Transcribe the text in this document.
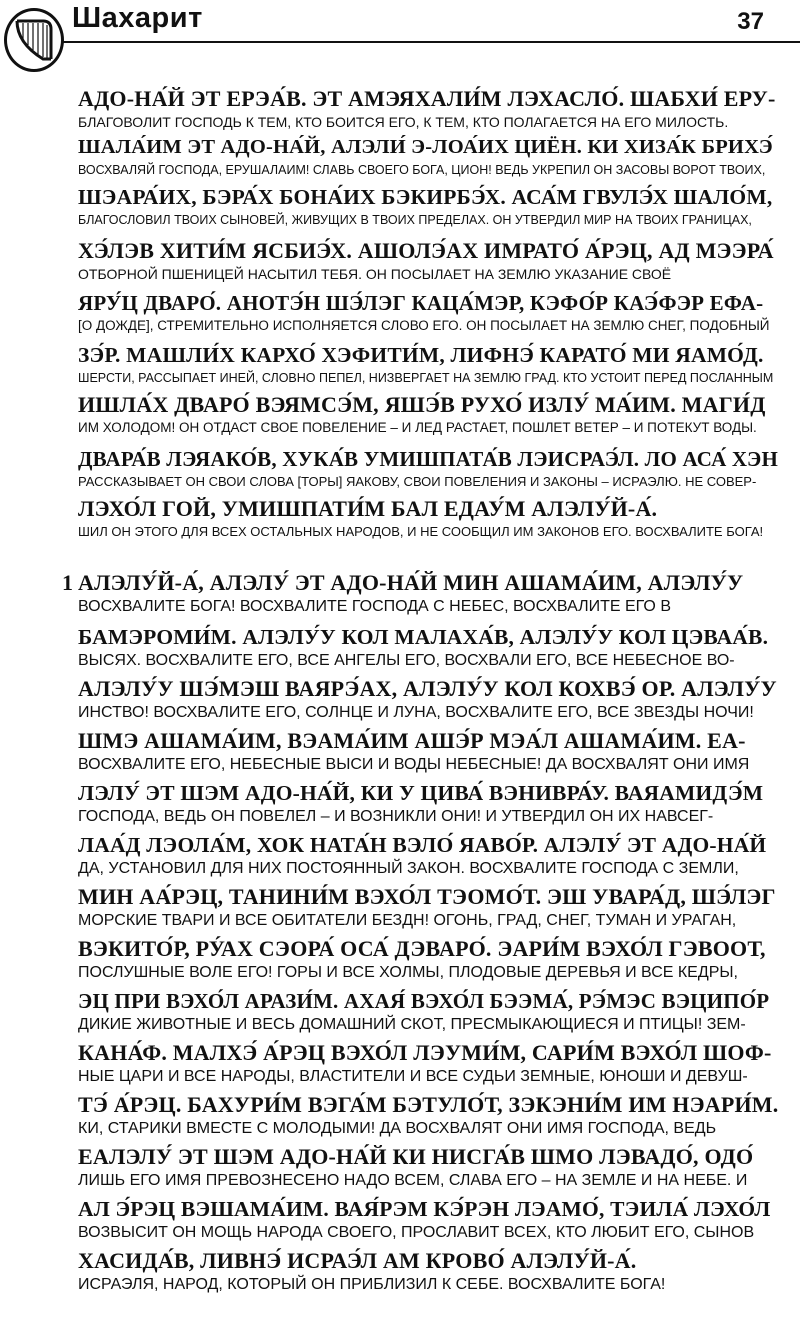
Шахарит	37
АДО-НА́Й ЭТ ЕРЭА́В. ЭТ АМЭЯХАЛИ́М ЛЭХАСЛО́. ШАБХИ́ ЕРУ-
БЛАГОВОЛИТ ГОСПОДЬ К ТЕМ, КТО БОИТСЯ ЕГО, К ТЕМ, КТО ПОЛАГАЕТСЯ НА ЕГО МИЛОСТЬ.
ШАЛА́ИМ ЭТ АДО-НА́Й, АЛЭЛИ́ Э-ЛОА́ИХ ЦИЁН. КИ ХИЗА́К БРИХЭ́
ВОСХВАЛЯЙ ГОСПОДА, ЕРУШАЛАИМ! СЛАВЬ СВОЕГО БОГА, ЦИОН! ВЕДЬ УКРЕПИЛ ОН ЗАСОВЫ ВОРОТ ТВОИХ,
ШЭАРА́ИХ, БЭРА́Х БОНА́ИХ БЭКИРБЭ́Х. АСА́М ГВУЛЭ́Х ШАЛО́М,
БЛАГОСЛОВИЛ ТВОИХ СЫНОВЕЙ, ЖИВУЩИХ В ТВОИХ ПРЕДЕЛАХ. ОН УТВЕРДИЛ МИР НА ТВОИХ ГРАНИЦАХ,
ХЭ́ЛЭВ ХИТИ́М ЯСБИЭ́Х. АШОЛЭ́АХ ИМРАТО́ А́РЭЦ, АД МЭЭРА́
ОТБОРНОЙ ПШЕНИЦЕЙ НАСЫТИЛ ТЕБЯ. ОН ПОСЫЛАЕТ НА ЗЕМЛЮ УКАЗАНИЕ СВОЁ
ЯРУ́Ц ДВАРО́. АНОТЭ́Н ШЭ́ЛЭГ КАЦА́МЭР, КЭФО́Р КАЭ́ФЭР ЕФА-
[О ДОЖДЕ], СТРЕМИТЕЛЬНО ИСПОЛНЯЕТСЯ СЛОВО ЕГО. ОН ПОСЫЛАЕТ НА ЗЕМЛЮ СНЕГ, ПОДОБНЫЙ
ЗЭ́Р. МАШЛИ́Х КАРХО́ ХЭФИТИ́М, ЛИФНЭ́ КАРАТО́ МИ ЯАМО́Д.
ШЕРСТИ, РАССЫПАЕТ ИНЕЙ, СЛОВНО ПЕПЕЛ, НИЗВЕРГАЕТ НА ЗЕМЛЮ ГРАД. КТО УСТОИТ ПЕРЕД ПОСЛАННЫМ
ИШЛА́Х ДВАРО́ ВЭЯМСЭ́М, ЯШЭ́В РУХО́ ИЗЛУ́ МА́ИМ. МАГИ́Д
ИМ ХОЛОДОМ! ОН ОТДАСТ СВОЕ ПОВЕЛЕНИЕ – И ЛЕД РАСТАЕТ, ПОШЛЕТ ВЕТЕР – И ПОТЕКУТ ВОДЫ.
ДВАРА́В ЛЭЯАКО́В, ХУКА́В УМИШПАТА́В ЛЭИСРАЭ́Л. ЛО АСА́ ХЭН
РАССКАЗЫВАЕТ ОН СВОИ СЛОВА [ТОРЫ] ЯАКОВУ, СВОИ ПОВЕЛЕНИЯ И ЗАКОНЫ – ИСРАЭЛЮ. НЕ СОВЕР-
ЛЭХО́Л ГОЙ, УМИШПАТИ́М БАЛ ЕДАУ́М АЛЭЛУ́Й-А́.
ШИЛ ОН ЭТОГО ДЛЯ ВСЕХ ОСТАЛЬНЫХ НАРОДОВ, И НЕ СООБЩИЛ ИМ ЗАКОНОВ ЕГО. ВОСХВАЛИТЕ БОГА!
1 АЛЭЛУ́Й-А́, АЛЭЛУ́ ЭТ АДО-НА́Й МИН АШАМА́ИМ, АЛЭЛУ́У
ВОСХВАЛИТЕ БОГА! ВОСХВАЛИТЕ ГОСПОДА С НЕБЕС, ВОСХВАЛИТЕ ЕГО В
БАМЭРОМИ́М. АЛЭЛУ́У КОЛ МАЛАХА́В, АЛЭЛУ́У КОЛ ЦЭВАА́В.
ВЫСЯХ. ВОСХВАЛИТЕ ЕГО, ВСЕ АНГЕЛЫ ЕГО, ВОСХВАЛИ ЕГО, ВСЕ НЕБЕСНОЕ ВО-
АЛЭЛУ́У ШЭ́МЭШ ВАЯРЭ́АХ, АЛЭЛУ́У КОЛ КОХВЭ́ ОР. АЛЭЛУ́У
ИНСТВО! ВОСХВАЛИТЕ ЕГО, СОЛНЦЕ И ЛУНА, ВОСХВАЛИТЕ ЕГО, ВСЕ ЗВЕЗДЫ НОЧИ!
ШМЭ АШАМА́ИМ, ВЭАМА́ИМ АШЭ́Р МЭА́Л АШАМА́ИМ. ЕА-
ВОСХВАЛИТЕ ЕГО, НЕБЕСНЫЕ ВЫСИ И ВОДЫ НЕБЕСНЫЕ! ДА ВОСХВАЛЯТ ОНИ ИМЯ
ЛЭЛУ́ ЭТ ШЭМ АДО-НА́Й, КИ У ЦИВА́ ВЭНИВРА́У. ВАЯАМИДЭ́М
ГОСПОДА, ВЕДЬ ОН ПОВЕЛЕЛ – И ВОЗНИКЛИ ОНИ! И УТВЕРДИЛ ОН ИХ НАВСЕГ-
ЛАА́Д ЛЭОЛА́М, ХОК НАТА́Н ВЭЛО́ ЯАВО́Р. АЛЭЛУ́ ЭТ АДО-НА́Й
ДА, УСТАНОВИЛ ДЛЯ НИХ ПОСТОЯННЫЙ ЗАКОН. ВОСХВАЛИТЕ ГОСПОДА С ЗЕМЛИ,
МИН АА́РЭЦ, ТАНИНИ́М ВЭХО́Л ТЭОМО́Т. ЭШ УВАРА́Д, ШЭ́ЛЭГ
МОРСКИЕ ТВАРИ И ВСЕ ОБИТАТЕЛИ БЕЗДН! ОГОНЬ, ГРАД, СНЕГ, ТУМАН И УРАГАН,
ВЭКИТО́Р, РУ́АХ СЭОРА́ ОСА́ ДЭВАРО́. ЭАРИ́М ВЭХО́Л ГЭВООТ,
ПОСЛУШНЫЕ ВОЛЕ ЕГО! ГОРЫ И ВСЕ ХОЛМЫ, ПЛОДОВЫЕ ДЕРЕВЬЯ И ВСЕ КЕДРЫ,
ЭЦ ПРИ ВЭХО́Л АРАЗИ́М. АХАЯ́ ВЭХО́Л БЭЭМА́, РЭ́МЭС ВЭЦИПО́Р
ДИКИЕ ЖИВОТНЫЕ И ВЕСЬ ДОМАШНИЙ СКОТ, ПРЕСМЫКАЮЩИЕСЯ И ПТИЦЫ! ЗЕМ-
КАНА́Ф. МАЛХЭ́ А́РЭЦ ВЭХО́Л ЛЭУМИ́М, САРИ́М ВЭХО́Л ШОФ-
НЫЕ ЦАРИ И ВСЕ НАРОДЫ, ВЛАСТИТЕЛИ И ВСЕ СУДЬИ ЗЕМНЫЕ, ЮНОШИ И ДЕВУШ-
ТЭ́ А́РЭЦ. БАХУРИ́М ВЭГА́М БЭТУЛО́Т, ЗЭКЭНИ́М ИМ НЭАРИ́М.
КИ, СТАРИКИ ВМЕСТЕ С МОЛОДЫМИ! ДА ВОСХВАЛЯТ ОНИ ИМЯ ГОСПОДА, ВЕДЬ
ЕАЛЭЛУ́ ЭТ ШЭМ АДО-НА́Й КИ НИСГА́В ШМО ЛЭВАДО́, ОДО́
ЛИШЬ ЕГО ИМЯ ПРЕВОЗНЕСЕНО НАДО ВСЕМ, СЛАВА ЕГО – НА ЗЕМЛЕ И НА НЕБЕ. И
АЛ Э́РЭЦ ВЭШАМА́ИМ. ВАЯ́РЭМ КЭ́РЭН ЛЭАМО́, ТЭИЛА́ ЛЭХО́Л
ВОЗВЫСИТ ОН МОЩЬ НАРОДА СВОЕГО, ПРОСЛАВИТ ВСЕХ, КТО ЛЮБИТ ЕГО, СЫНОВ
ХАСИДА́В, ЛИВНЭ́ ИСРАЭ́Л АМ КРОВО́ АЛЭЛУ́Й-А́.
ИСРАЭЛЯ, НАРОД, КОТОРЫЙ ОН ПРИБЛИЗИЛ К СЕБЕ. ВОСХВАЛИТЕ БОГА!
